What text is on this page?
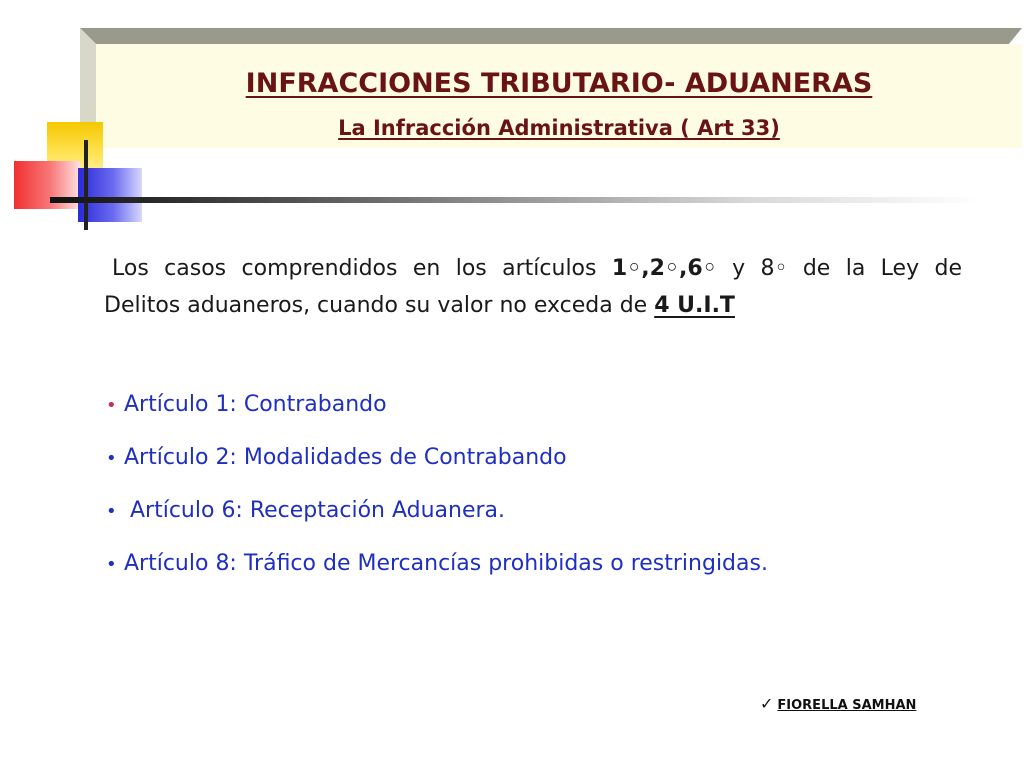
INFRACCIONES TRIBUTARIO- ADUANERAS
La Infracción Administrativa ( Art 33)
Los casos comprendidos en los artículos 1◦,2◦,6◦ y 8◦ de la Ley de
Delitos aduaneros, cuando su valor no exceda de 4 U.I.T
• Artículo 1: Contrabando
• Artículo 2: Modalidades de Contrabando
• Artículo 6: Receptación Aduanera.
• Artículo 8: Tráfico de Mercancías prohibidas o restringidas.
✓ FIORELLA SAMHAN
